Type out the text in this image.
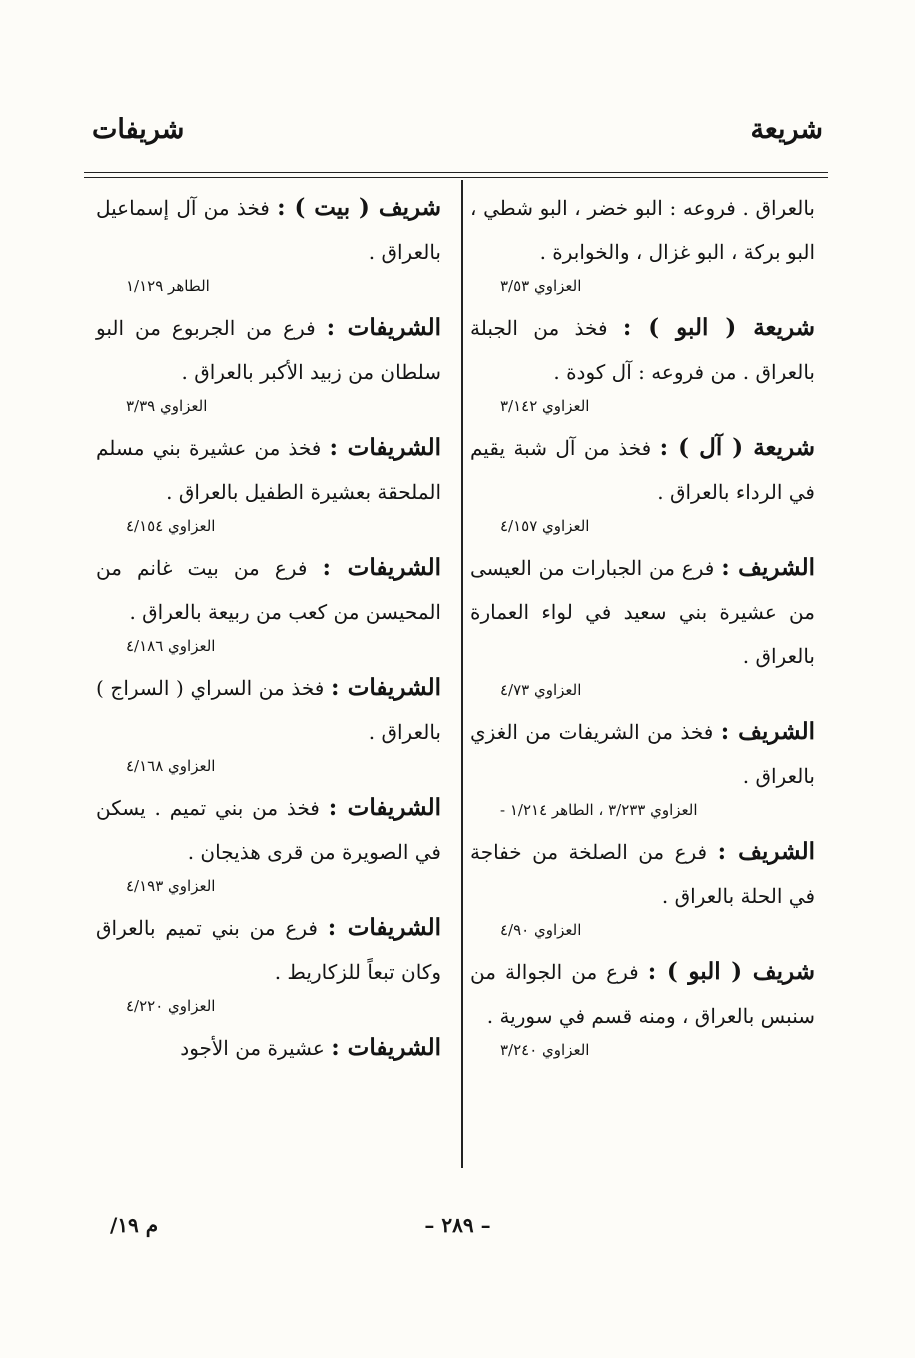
شريعة
شريفات

بالعراق . فروعه : البو خضر ، البو شطي ، البو بركة ، البو غزال ، والخوابرة .

العزاوي ٣/٥٣

شريعة ( البو ) : فخذ من الجبلة بالعراق . من فروعه : آل كودة .

العزاوي ٣/١٤٢

شريعة ( آل ) : فخذ من آل شبة يقيم في الرداء بالعراق .

العزاوي ٤/١٥٧

الشريف : فرع من الجبارات من العيسى من عشيرة بني سعيد في لواء العمارة بالعراق .

العزاوي ٤/٧٣

الشريف : فخذ من الشريفات من الغزي بالعراق .

العزاوي ٣/٢٣٣ ، الطاهر ١/٢١٤ -

الشريف : فرع من الصلخة من خفاجة في الحلة بالعراق .

العزاوي ٤/٩٠

شريف ( البو ) : فرع من الجوالة من سنبس بالعراق ، ومنه قسم في سورية .

العزاوي ٣/٢٤٠

شريف ( بيت ) : فخذ من آل إسماعيل بالعراق .

الطاهر ١/١٢٩

الشريفات : فرع من الجربوع من البو سلطان من زبيد الأكبر بالعراق .

العزاوي ٣/٣٩

الشريفات : فخذ من عشيرة بني مسلم الملحقة بعشيرة الطفيل بالعراق .

العزاوي ٤/١٥٤

الشريفات : فرع من بيت غانم من المحيسن من كعب من ربيعة بالعراق .

العزاوي ٤/١٨٦

الشريفات : فخذ من السراي ( السراج ) بالعراق .

العزاوي ٤/١٦٨

الشريفات : فخذ من بني تميم . يسكن في الصويرة من قرى هذيجان .

العزاوي ٤/١٩٣

الشريفات : فرع من بني تميم بالعراق وكان تبعاً للزكاريط .

العزاوي ٤/٢٢٠

الشريفات : عشيرة من الأجود

– ٢٨٩ –
م ١٩/
